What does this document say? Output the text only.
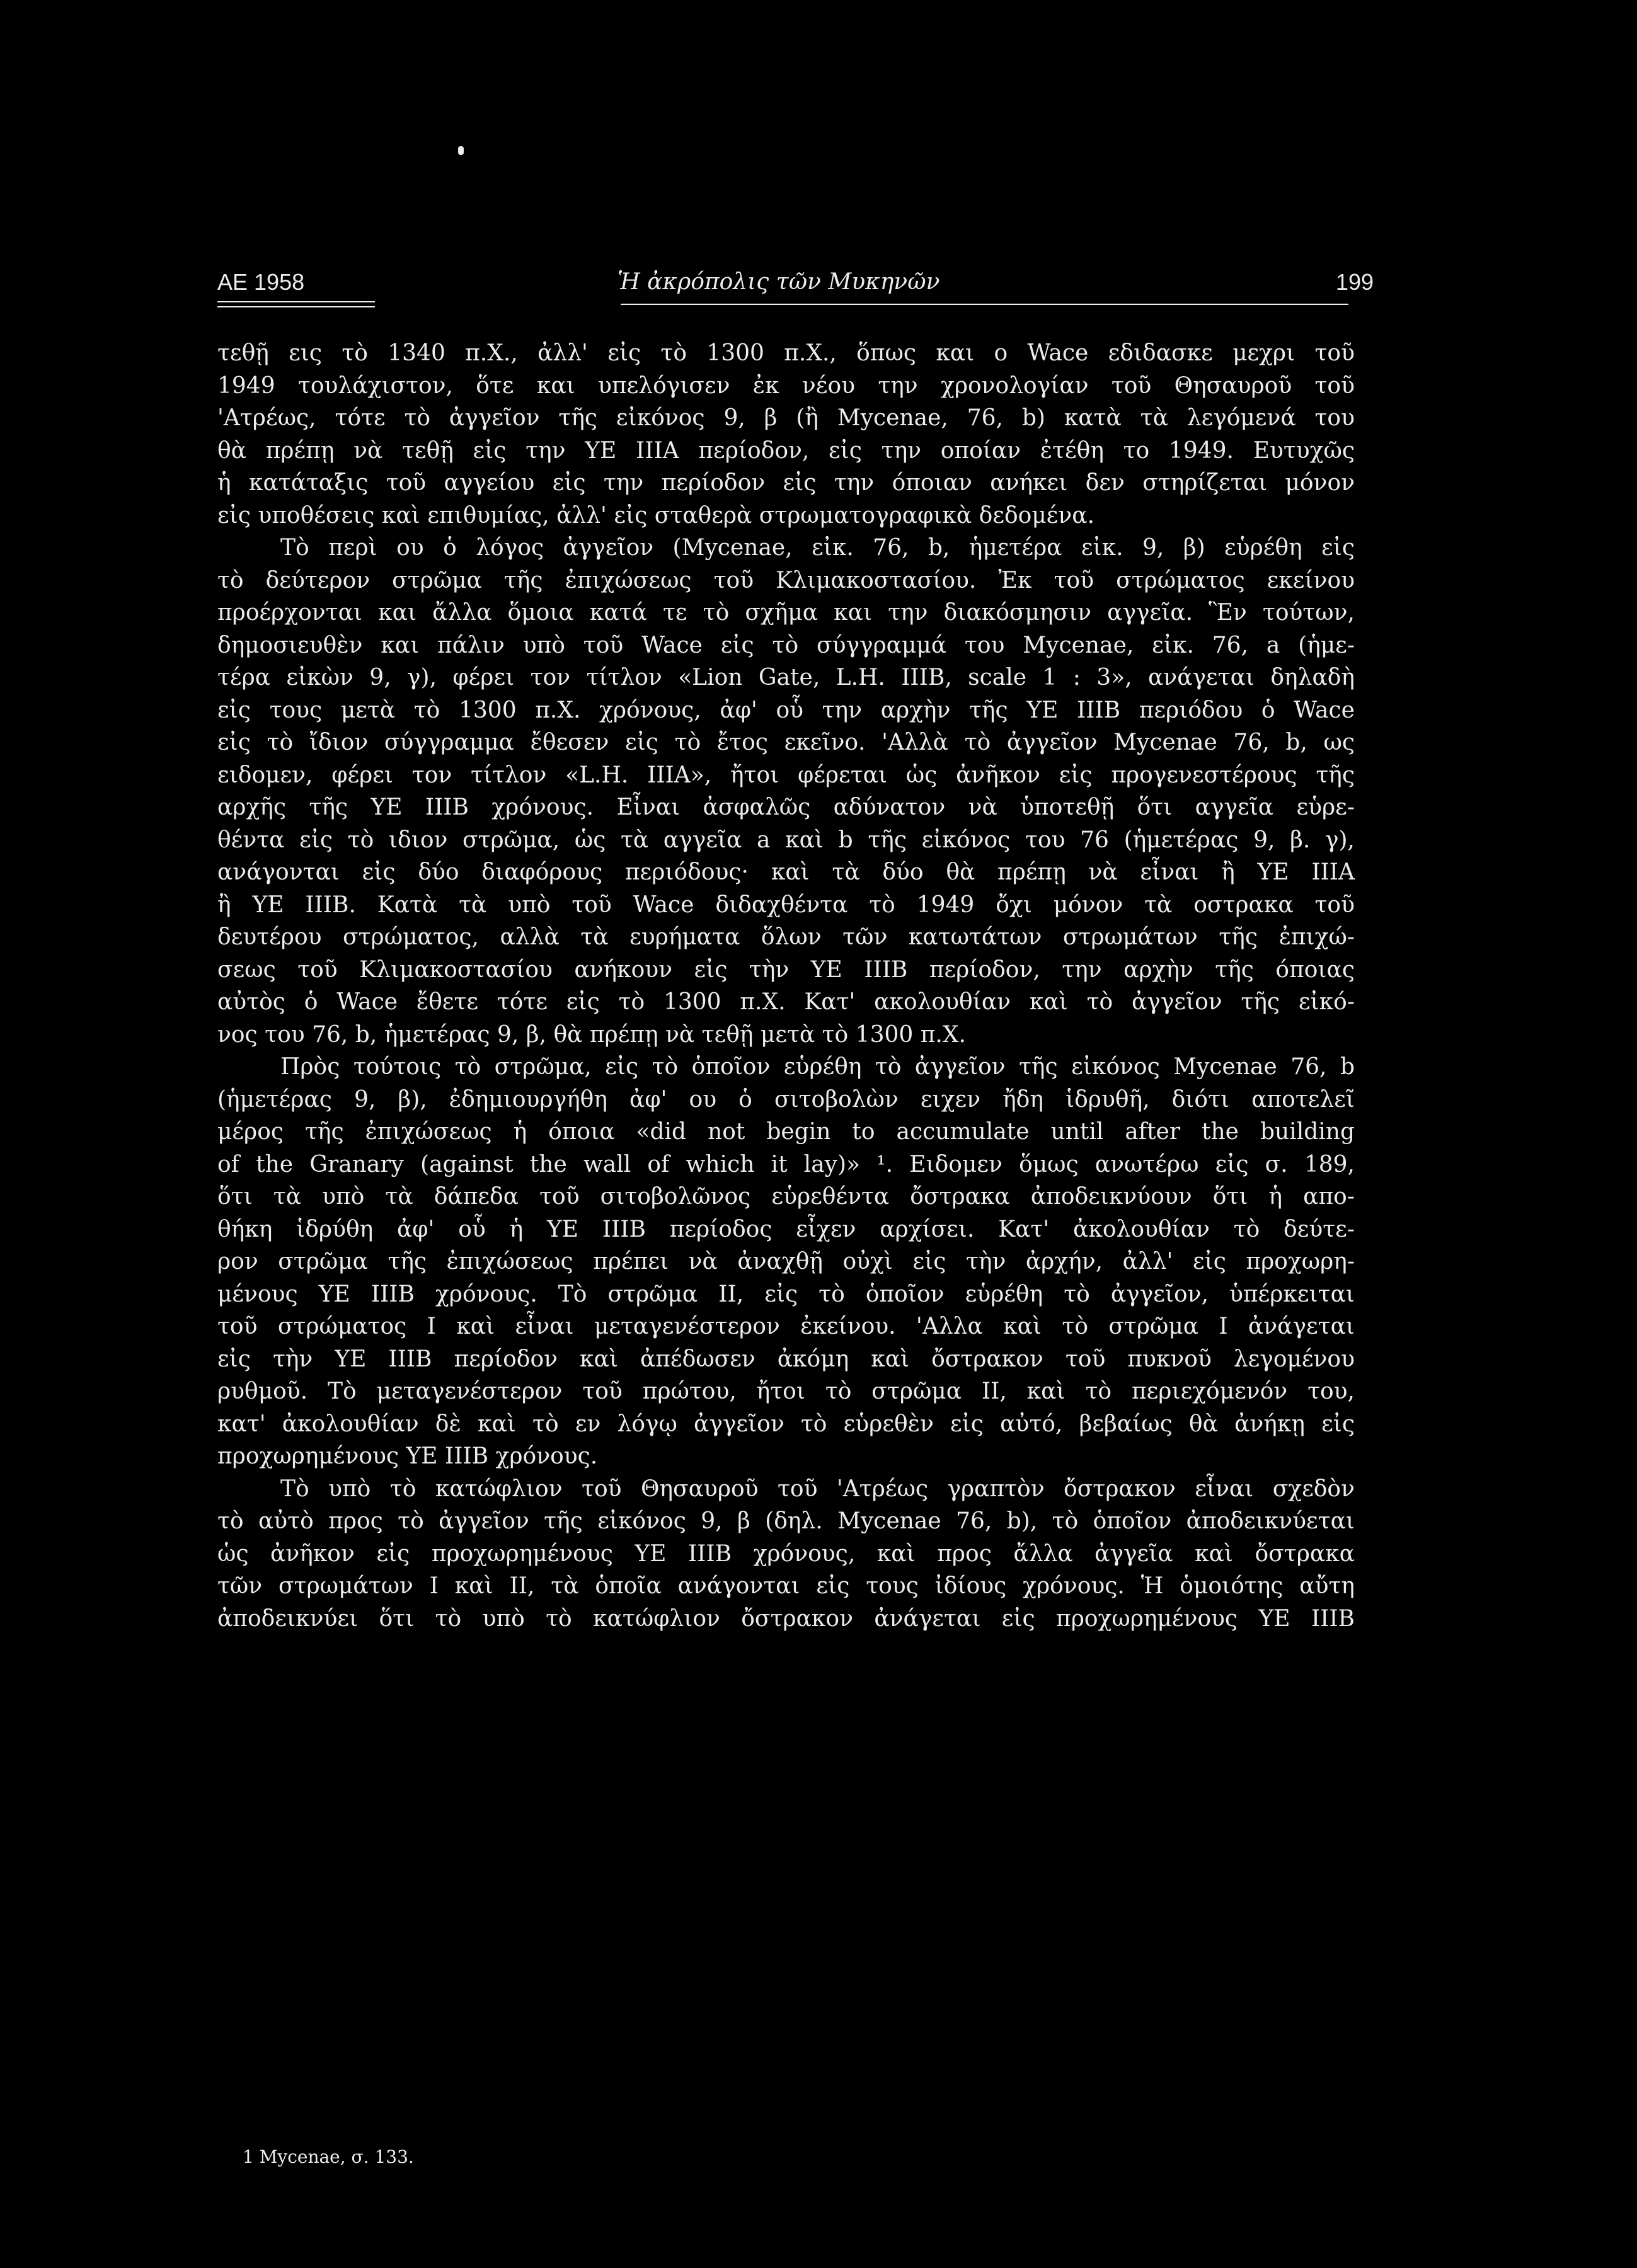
ΑΕ 1958	Ἡ ἀκρόπολις τῶν Μυκηνῶν	199
τεθῇ εις τὸ 1340 π.Χ., ἀλλ' εἰς τὸ 1300 π.Χ., ὅπως και ο Wace εδιδασκε μεχρι τοῦ
1949 τουλάχιστον, ὅτε και υπελόγισεν ἐκ νέου την χρονολογίαν τοῦ Θησαυροῦ τοῦ
'Ατρέως, τότε τὸ ἀγγεῖον τῆς εἰκόνος 9, β (ἢ Mycenae, 76, b) κατὰ τὰ λεγόμενά του
θὰ πρέπῃ νὰ τεθῇ εἰς την ΥΕ ΙΙΙΑ περίοδον, εἰς την οποίαν ἐτέθη το 1949. Ευτυχῶς
ἡ κατάταξις τοῦ αγγείου εἰς την περίοδον εἰς την όποιαν ανήκει δεν στηρίζεται μόνον
εἰς υποθέσεις καὶ επιθυμίας, ἀλλ' εἰς σταθερὰ στρωματογραφικὰ δεδομένα.
Τὸ περὶ ου ὁ λόγος ἀγγεῖον (Mycenae, εἰκ. 76, b, ἡμετέρα εἰκ. 9, β) εὑρέθη εἰς
τὸ δεύτερον στρῶμα τῆς ἐπιχώσεως τοῦ Κλιμακοστασίου. Ἐκ τοῦ στρώματος εκείνου
προέρχονται και ἄλλα ὅμοια κατά τε τὸ σχῆμα και την διακόσμησιν αγγεῖα. Ἓν τούτων,
δημοσιευθὲν και πάλιν υπὸ τοῦ Wace εἰς τὸ σύγγραμμά του Mycenae, εἰκ. 76, a (ἡμε-
τέρα εἰκὼν 9, γ), φέρει τον τίτλον «Lion Gate, L.H. IIIB, scale 1 : 3», ανάγεται δηλαδὴ
εἰς τους μετὰ τὸ 1300 π.Χ. χρόνους, ἀφ' οὗ την αρχὴν τῆς ΥΕ ΙΙΙΒ περιόδου ὁ Wace
εἰς τὸ ἴδιον σύγγραμμα ἔθεσεν εἰς τὸ ἔτος εκεῖνο. 'Αλλὰ τὸ ἀγγεῖον Mycenae 76, b, ως
ειδομεν, φέρει τον τίτλον «L.H. IIIA», ἤτοι φέρεται ὡς ἀνῆκον εἰς προγενεστέρους τῆς
αρχῆς τῆς ΥΕ ΙΙΙΒ χρόνους. Εἶναι ἀσφαλῶς αδύνατον νὰ ὑποτεθῇ ὅτι αγγεῖα εὑρε-
θέντα εἰς τὸ ιδιον στρῶμα, ὡς τὰ αγγεῖα a καὶ b τῆς εἰκόνος του 76 (ἡμετέρας 9, β. γ),
ανάγονται εἰς δύο διαφόρους περιόδους· καὶ τὰ δύο θὰ πρέπῃ νὰ εἶναι ἢ ΥΕ ΙΙΙΑ
ἢ ΥΕ ΙΙΙΒ. Κατὰ τὰ υπὸ τοῦ Wace διδαχθέντα τὸ 1949 ὄχι μόνον τὰ οστρακα τοῦ
δευτέρου στρώματος, αλλὰ τὰ ευρήματα ὅλων τῶν κατωτάτων στρωμάτων τῆς ἐπιχώ-
σεως τοῦ Κλιμακοστασίου ανήκουν εἰς τὴν ΥΕ ΙΙΙΒ περίοδον, την αρχὴν τῆς όποιας
αὐτὸς ὁ Wace ἔθετε τότε εἰς τὸ 1300 π.Χ. Κατ' ακολουθίαν καὶ τὸ ἀγγεῖον τῆς εἰκό-
νος του 76, b, ἡμετέρας 9, β, θὰ πρέπῃ νὰ τεθῇ μετὰ τὸ 1300 π.Χ.
Πρὸς τούτοις τὸ στρῶμα, εἰς τὸ ὁποῖον εὑρέθη τὸ ἀγγεῖον τῆς εἰκόνος Mycenae 76, b
(ἡμετέρας 9, β), ἐδημιουργήθη ἀφ' ου ὁ σιτοβολὼν ειχεν ἤδη ἱδρυθῆ, διότι αποτελεῖ
μέρος τῆς ἐπιχώσεως ἡ όποια «did not begin to accumulate until after the building
of the Granary (against the wall of which it lay)» ¹. Ειδομεν ὅμως ανωτέρω εἰς σ. 189,
ὅτι τὰ υπὸ τὰ δάπεδα τοῦ σιτοβολῶνος εὑρεθέντα ὄστρακα ἀποδεικνύουν ὅτι ἡ απο-
θήκη ἱδρύθη ἀφ' οὗ ἡ ΥΕ ΙΙΙΒ περίοδος εἶχεν αρχίσει. Κατ' ἀκολουθίαν τὸ δεύτε-
ρον στρῶμα τῆς ἐπιχώσεως πρέπει νὰ ἀναχθῇ οὐχὶ εἰς τὴν ἀρχήν, ἀλλ' εἰς προχωρη-
μένους ΥΕ ΙΙΙΒ χρόνους. Τὸ στρῶμα ΙΙ, εἰς τὸ ὁποῖον εὑρέθη τὸ ἀγγεῖον, ὑπέρκειται
τοῦ στρώματος Ι καὶ εἶναι μεταγενέστερον ἐκείνου. 'Αλλα καὶ τὸ στρῶμα Ι ἀνάγεται
εἰς τὴν ΥΕ ΙΙΙΒ περίοδον καὶ ἀπέδωσεν ἀκόμη καὶ ὄστρακον τοῦ πυκνοῦ λεγομένου
ρυθμοῦ. Τὸ μεταγενέστερον τοῦ πρώτου, ἤτοι τὸ στρῶμα ΙΙ, καὶ τὸ περιεχόμενόν του,
κατ' ἀκολουθίαν δὲ καὶ τὸ εν λόγῳ ἀγγεῖον τὸ εὑρεθὲν εἰς αὐτό, βεβαίως θὰ ἀνήκῃ εἰς
προχωρημένους ΥΕ ΙΙΙΒ χρόνους.
Τὸ υπὸ τὸ κατώφλιον τοῦ Θησαυροῦ τοῦ 'Ατρέως γραπτὸν ὄστρακον εἶναι σχεδὸν
τὸ αὐτὸ προς τὸ ἀγγεῖον τῆς εἰκόνος 9, β (δηλ. Mycenae 76, b), τὸ ὁποῖον ἀποδεικνύεται
ὡς ἀνῆκον εἰς προχωρημένους ΥΕ ΙΙΙΒ χρόνους, καὶ προς ἄλλα ἀγγεῖα καὶ ὄστρακα
τῶν στρωμάτων Ι καὶ ΙΙ, τὰ ὁποῖα ανάγονται εἰς τους ἰδίους χρόνους. Ἡ ὁμοιότης αὔτη
ἀποδεικνύει ὅτι τὸ υπὸ τὸ κατώφλιον ὄστρακον ἀνάγεται εἰς προχωρημένους ΥΕ ΙΙΙΒ
1 Mycenae, σ. 133.
